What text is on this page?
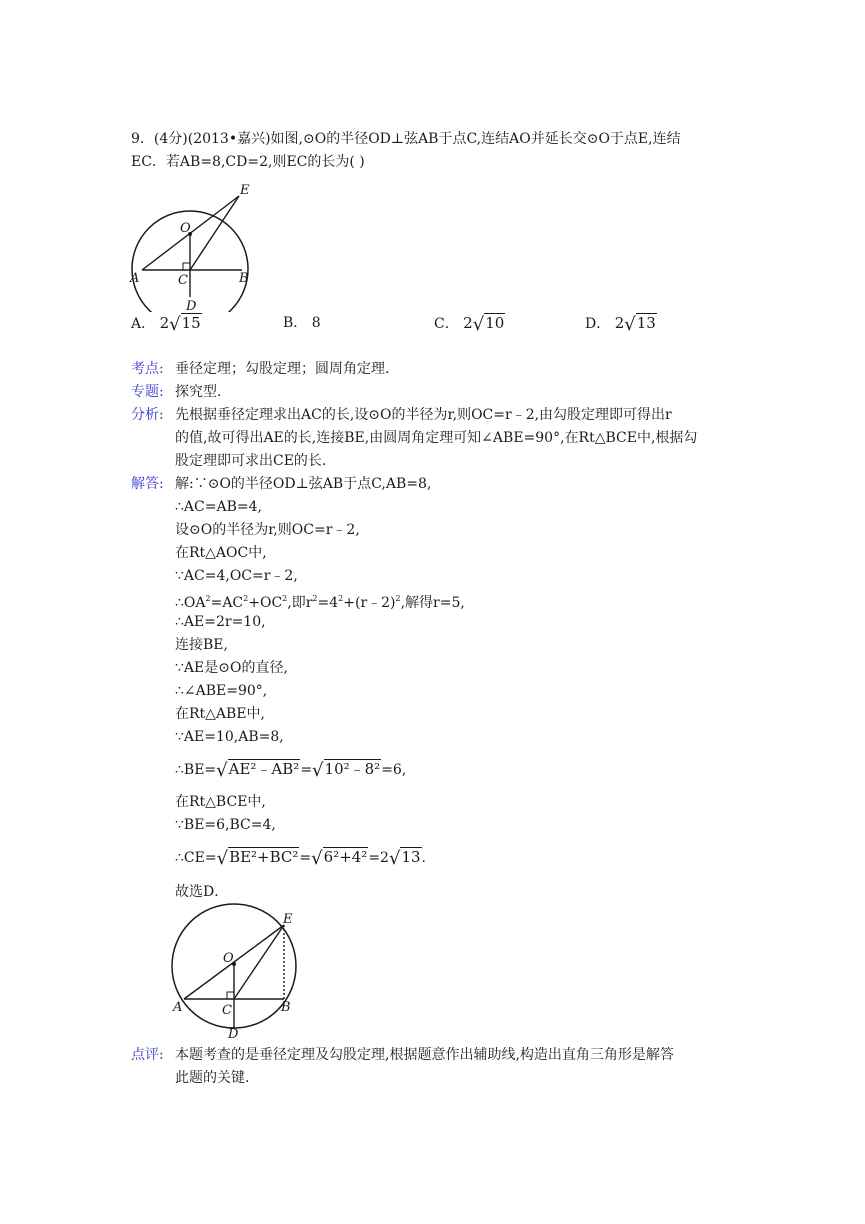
9．(4分)(2013•嘉兴)如图,⊙O的半径OD⊥弦AB于点C,连结AO并延长交⊙O于点E,连结
EC．若AB=8,CD=2,则EC的长为( )
O
E
A	B
C
D
A． 2√15	B． 8	C． 2√10	D． 2√13
考点: 垂径定理；勾股定理；圆周角定理．
专题: 探究型．
分析: 先根据垂径定理求出AC的长,设⊙O的半径为r,则OC=r﹣2,由勾股定理即可得出r
的值,故可得出AE的长,连接BE,由圆周角定理可知∠ABE=90°,在Rt△BCE中,根据勾
股定理即可求出CE的长．
解答: 解:∵⊙O的半径OD⊥弦AB于点C,AB=8,
∴AC=AB=4,
设⊙O的半径为r,则OC=r﹣2,
在Rt△AOC中,
∵AC=4,OC=r﹣2,
$\therefore OA^2=AC^2+OC^2$,即$r^2=4^2+(r﹣2)^2$,解得r=5,
∴AE=2r=10,
连接BE,
∵AE是⊙O的直径,
∴∠ABE=90°,
在Rt△ABE中,
∵AE=10,AB=8,
∴BE=√AE²﹣AB²=√10²﹣8²=6,
在Rt△BCE中,
∵BE=6,BC=4,
∴CE=√BE²+BC²=√6²+4²=2√13.
故选D．
O
E
A	B
C
D
点评: 本题考查的是垂径定理及勾股定理,根据题意作出辅助线,构造出直角三角形是解答
此题的关键．
